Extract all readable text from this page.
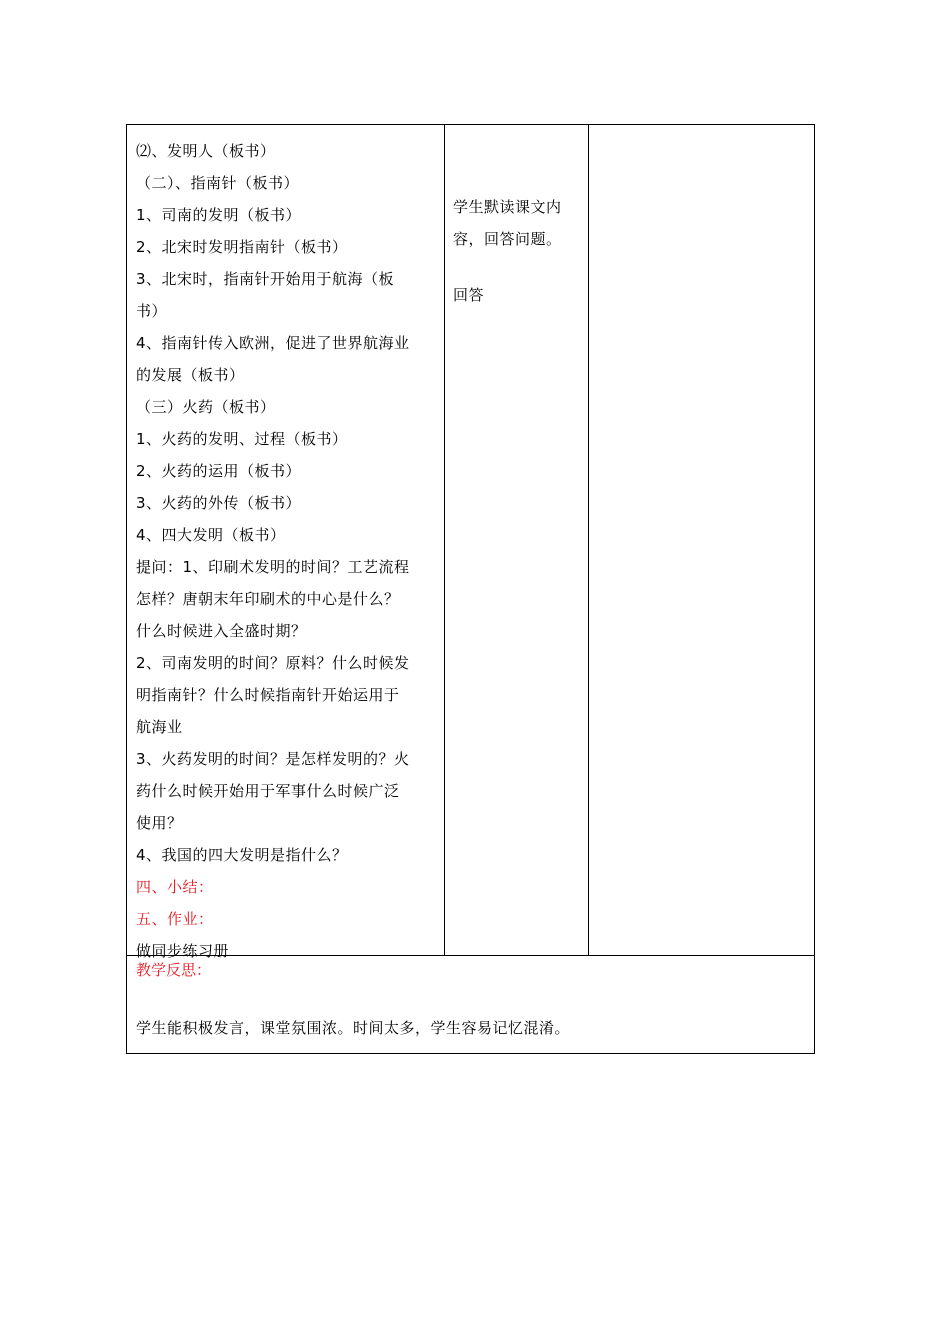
⑵、发明人（板书）
（二）、指南针（板书）
1、司南的发明（板书）
2、北宋时发明指南针（板书）
3、北宋时，指南针开始用于航海（板
书）
4、指南针传入欧洲，促进了世界航海业
的发展（板书）
（三）火药（板书）
1、火药的发明、过程（板书）
2、火药的运用（板书）
3、火药的外传（板书）
4、四大发明（板书）
提问：1、印刷术发明的时间？工艺流程
怎样？唐朝末年印刷术的中心是什么？
什么时候进入全盛时期？
2、司南发明的时间？原料？什么时候发
明指南针？什么时候指南针开始运用于
航海业
3、火药发明的时间？是怎样发明的？火
药什么时候开始用于军事什么时候广泛
使用？
4、我国的四大发明是指什么？
四、小结：
五、作业：
做同步练习册
学生默读课文内
容，回答问题。
回答
教学反思：
学生能积极发言，课堂氛围浓。时间太多，学生容易记忆混淆。
